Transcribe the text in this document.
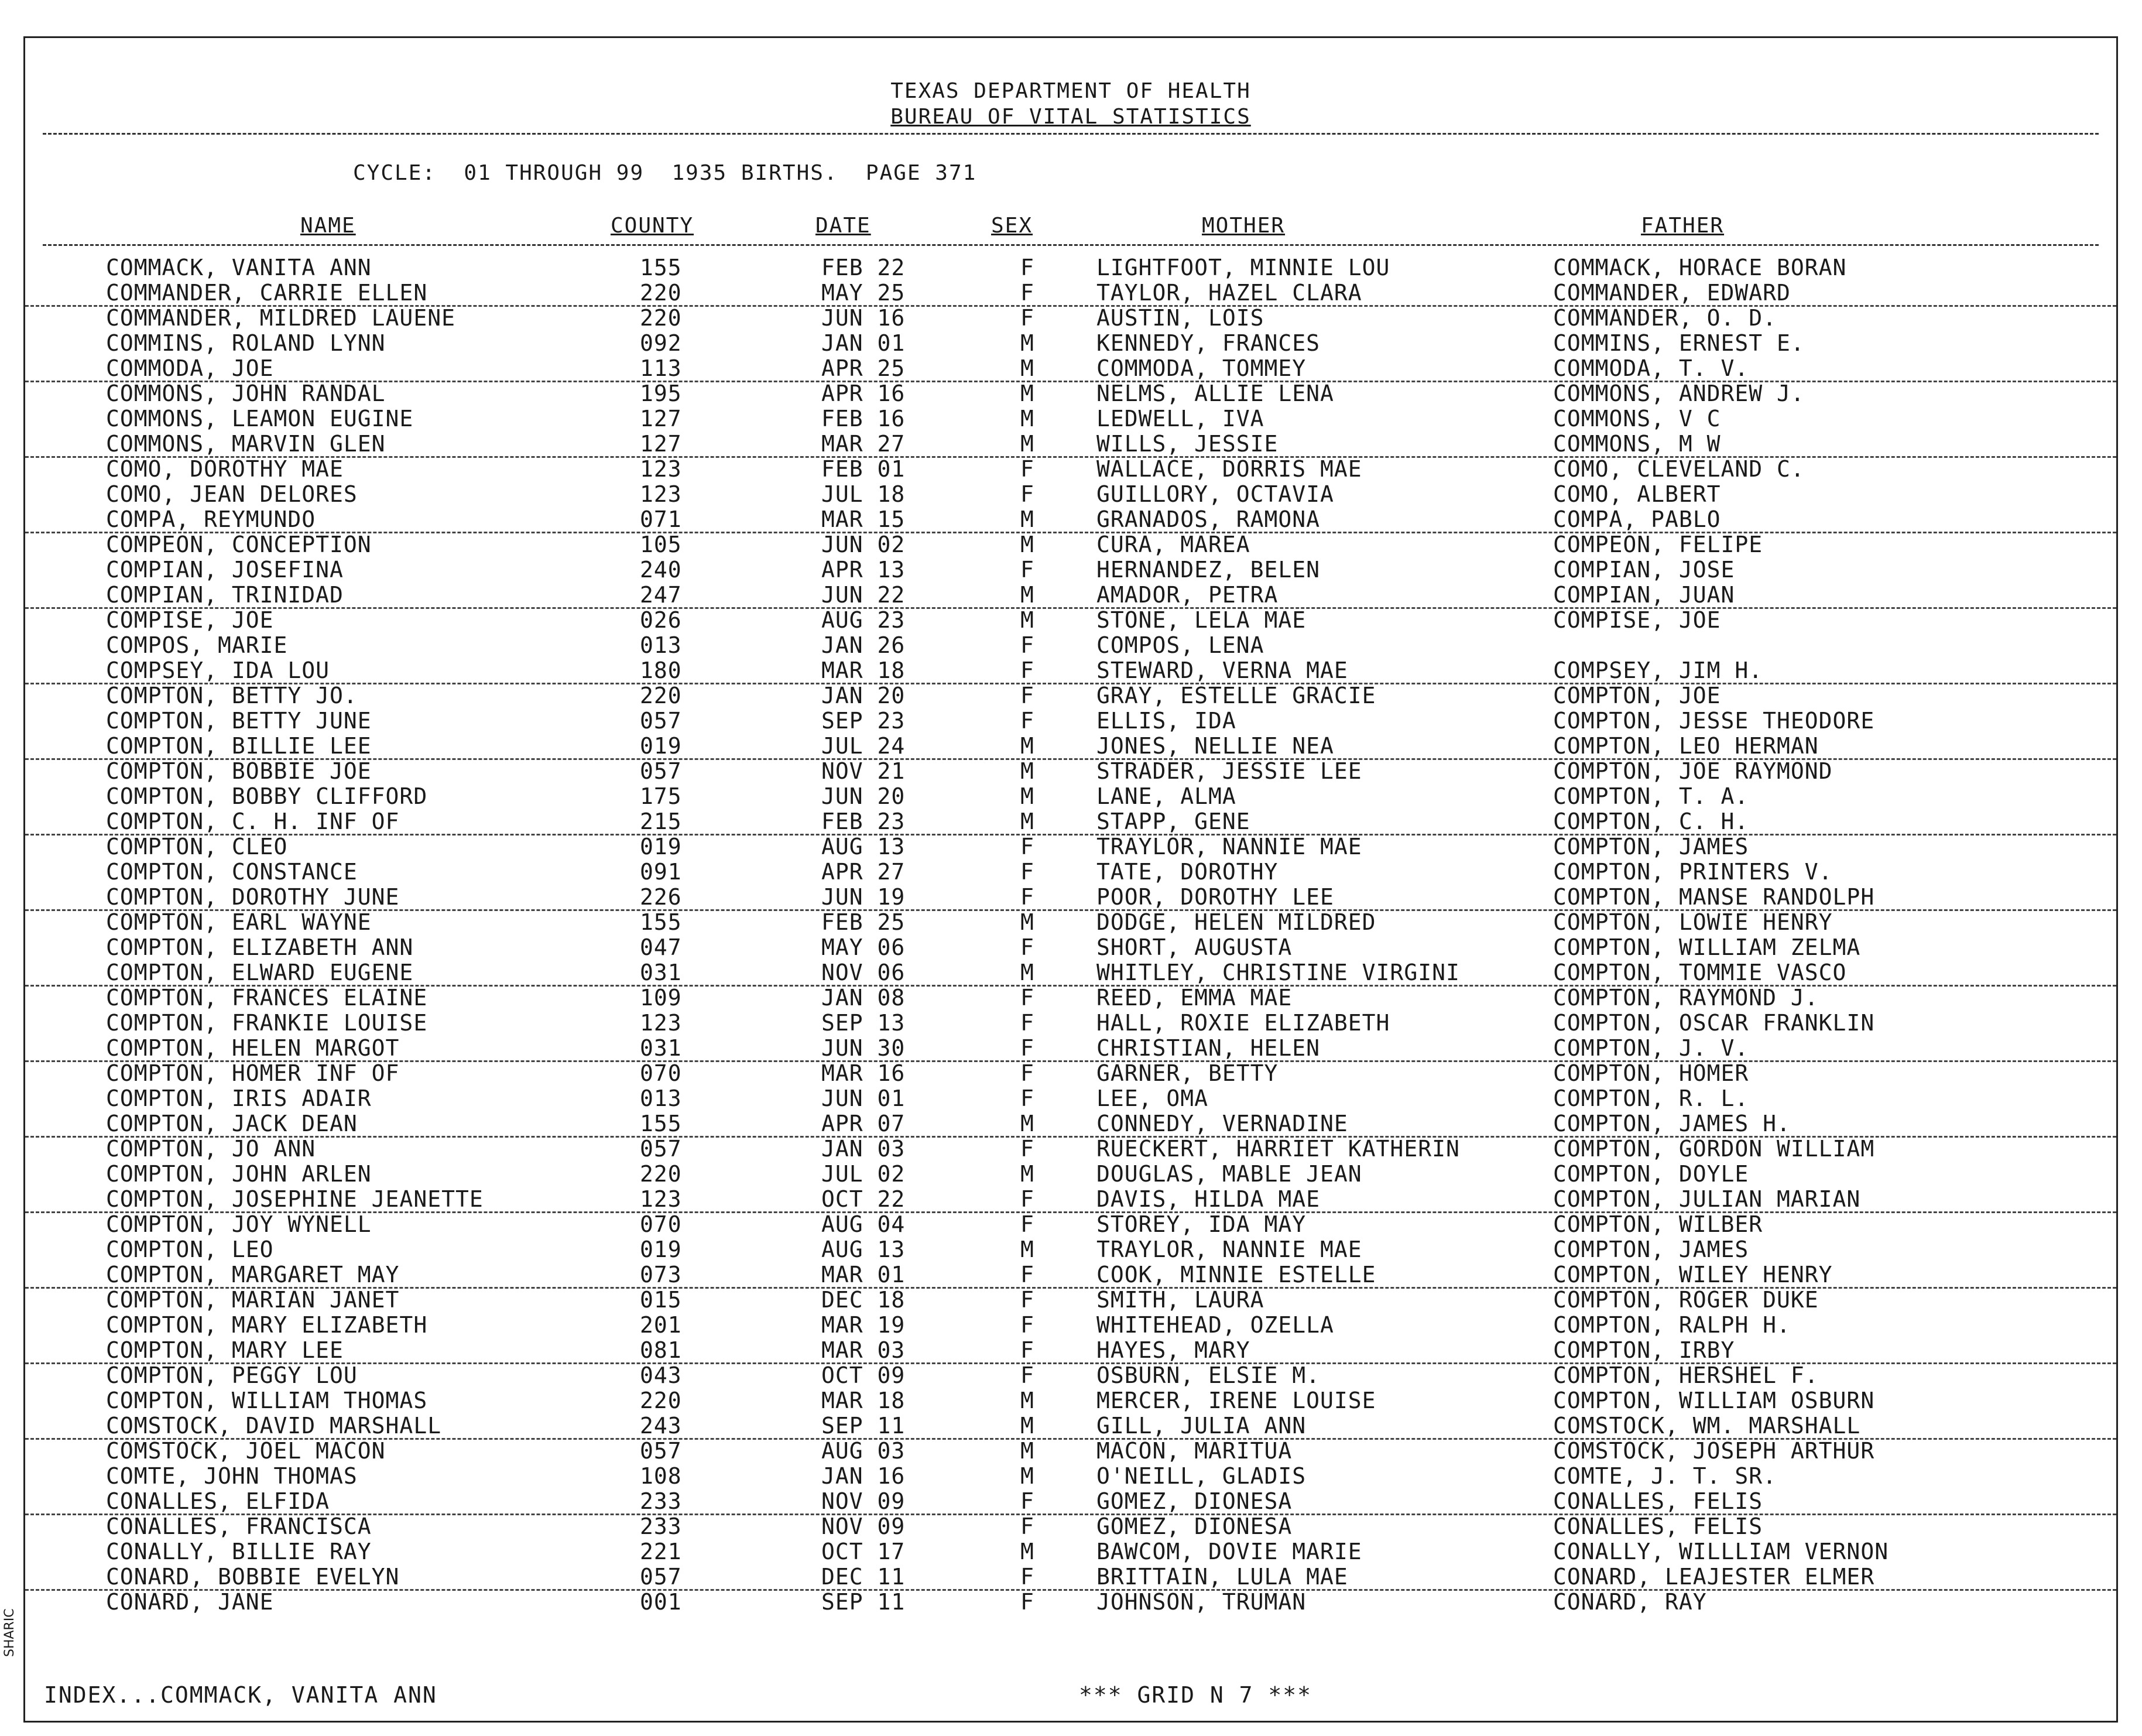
TEXAS DEPARTMENT OF HEALTH
BUREAU OF VITAL STATISTICS
CYCLE:  01 THROUGH 99  1935 BIRTHS.  PAGE 371
NAME	COUNTY	DATE	SEX	MOTHER	FATHER
COMMACK, VANITA ANN	155	FEB 22	F	LIGHTFOOT, MINNIE LOU	COMMACK, HORACE BORAN
COMMANDER, CARRIE ELLEN	220	MAY 25	F	TAYLOR, HAZEL CLARA	COMMANDER, EDWARD
COMMANDER, MILDRED LAUENE	220	JUN 16	F	AUSTIN, LOIS	COMMANDER, O. D.
COMMINS, ROLAND LYNN	092	JAN 01	M	KENNEDY, FRANCES	COMMINS, ERNEST E.
COMMODA, JOE	113	APR 25	M	COMMODA, TOMMEY	COMMODA, T. V.
COMMONS, JOHN RANDAL	195	APR 16	M	NELMS, ALLIE LENA	COMMONS, ANDREW J.
COMMONS, LEAMON EUGINE	127	FEB 16	M	LEDWELL, IVA	COMMONS, V C
COMMONS, MARVIN GLEN	127	MAR 27	M	WILLS, JESSIE	COMMONS, M W
COMO, DOROTHY MAE	123	FEB 01	F	WALLACE, DORRIS MAE	COMO, CLEVELAND C.
COMO, JEAN DELORES	123	JUL 18	F	GUILLORY, OCTAVIA	COMO, ALBERT
COMPA, REYMUNDO	071	MAR 15	M	GRANADOS, RAMONA	COMPA, PABLO
COMPEON, CONCEPTION	105	JUN 02	M	CURA, MAREA	COMPEON, FELIPE
COMPIAN, JOSEFINA	240	APR 13	F	HERNANDEZ, BELEN	COMPIAN, JOSE
COMPIAN, TRINIDAD	247	JUN 22	M	AMADOR, PETRA	COMPIAN, JUAN
COMPISE, JOE	026	AUG 23	M	STONE, LELA MAE	COMPISE, JOE
COMPOS, MARIE	013	JAN 26	F	COMPOS, LENA
COMPSEY, IDA LOU	180	MAR 18	F	STEWARD, VERNA MAE	COMPSEY, JIM H.
COMPTON, BETTY JO.	220	JAN 20	F	GRAY, ESTELLE GRACIE	COMPTON, JOE
COMPTON, BETTY JUNE	057	SEP 23	F	ELLIS, IDA	COMPTON, JESSE THEODORE
COMPTON, BILLIE LEE	019	JUL 24	M	JONES, NELLIE NEA	COMPTON, LEO HERMAN
COMPTON, BOBBIE JOE	057	NOV 21	M	STRADER, JESSIE LEE	COMPTON, JOE RAYMOND
COMPTON, BOBBY CLIFFORD	175	JUN 20	M	LANE, ALMA	COMPTON, T. A.
COMPTON, C. H. INF OF	215	FEB 23	M	STAPP, GENE	COMPTON, C. H.
COMPTON, CLEO	019	AUG 13	F	TRAYLOR, NANNIE MAE	COMPTON, JAMES
COMPTON, CONSTANCE	091	APR 27	F	TATE, DOROTHY	COMPTON, PRINTERS V.
COMPTON, DOROTHY JUNE	226	JUN 19	F	POOR, DOROTHY LEE	COMPTON, MANSE RANDOLPH
COMPTON, EARL WAYNE	155	FEB 25	M	DODGE, HELEN MILDRED	COMPTON, LOWIE HENRY
COMPTON, ELIZABETH ANN	047	MAY 06	F	SHORT, AUGUSTA	COMPTON, WILLIAM ZELMA
COMPTON, ELWARD EUGENE	031	NOV 06	M	WHITLEY, CHRISTINE VIRGINI	COMPTON, TOMMIE VASCO
COMPTON, FRANCES ELAINE	109	JAN 08	F	REED, EMMA MAE	COMPTON, RAYMOND J.
COMPTON, FRANKIE LOUISE	123	SEP 13	F	HALL, ROXIE ELIZABETH	COMPTON, OSCAR FRANKLIN
COMPTON, HELEN MARGOT	031	JUN 30	F	CHRISTIAN, HELEN	COMPTON, J. V.
COMPTON, HOMER INF OF	070	MAR 16	F	GARNER, BETTY	COMPTON, HOMER
COMPTON, IRIS ADAIR	013	JUN 01	F	LEE, OMA	COMPTON, R. L.
COMPTON, JACK DEAN	155	APR 07	M	CONNEDY, VERNADINE	COMPTON, JAMES H.
COMPTON, JO ANN	057	JAN 03	F	RUECKERT, HARRIET KATHERIN	COMPTON, GORDON WILLIAM
COMPTON, JOHN ARLEN	220	JUL 02	M	DOUGLAS, MABLE JEAN	COMPTON, DOYLE
COMPTON, JOSEPHINE JEANETTE	123	OCT 22	F	DAVIS, HILDA MAE	COMPTON, JULIAN MARIAN
COMPTON, JOY WYNELL	070	AUG 04	F	STOREY, IDA MAY	COMPTON, WILBER
COMPTON, LEO	019	AUG 13	M	TRAYLOR, NANNIE MAE	COMPTON, JAMES
COMPTON, MARGARET MAY	073	MAR 01	F	COOK, MINNIE ESTELLE	COMPTON, WILEY HENRY
COMPTON, MARIAN JANET	015	DEC 18	F	SMITH, LAURA	COMPTON, ROGER DUKE
COMPTON, MARY ELIZABETH	201	MAR 19	F	WHITEHEAD, OZELLA	COMPTON, RALPH H.
COMPTON, MARY LEE	081	MAR 03	F	HAYES, MARY	COMPTON, IRBY
COMPTON, PEGGY LOU	043	OCT 09	F	OSBURN, ELSIE M.	COMPTON, HERSHEL F.
COMPTON, WILLIAM THOMAS	220	MAR 18	M	MERCER, IRENE LOUISE	COMPTON, WILLIAM OSBURN
COMSTOCK, DAVID MARSHALL	243	SEP 11	M	GILL, JULIA ANN	COMSTOCK, WM. MARSHALL
COMSTOCK, JOEL MACON	057	AUG 03	M	MACON, MARITUA	COMSTOCK, JOSEPH ARTHUR
COMTE, JOHN THOMAS	108	JAN 16	M	O'NEILL, GLADIS	COMTE, J. T. SR.
CONALLES, ELFIDA	233	NOV 09	F	GOMEZ, DIONESA	CONALLES, FELIS
CONALLES, FRANCISCA	233	NOV 09	F	GOMEZ, DIONESA	CONALLES, FELIS
CONALLY, BILLIE RAY	221	OCT 17	M	BAWCOM, DOVIE MARIE	CONALLY, WILLLIAM VERNON
CONARD, BOBBIE EVELYN	057	DEC 11	F	BRITTAIN, LULA MAE	CONARD, LEAJESTER ELMER
CONARD, JANE	001	SEP 11	F	JOHNSON, TRUMAN	CONARD, RAY
INDEX...COMMACK, VANITA ANN	*** GRID N 7 ***
SHARIC
